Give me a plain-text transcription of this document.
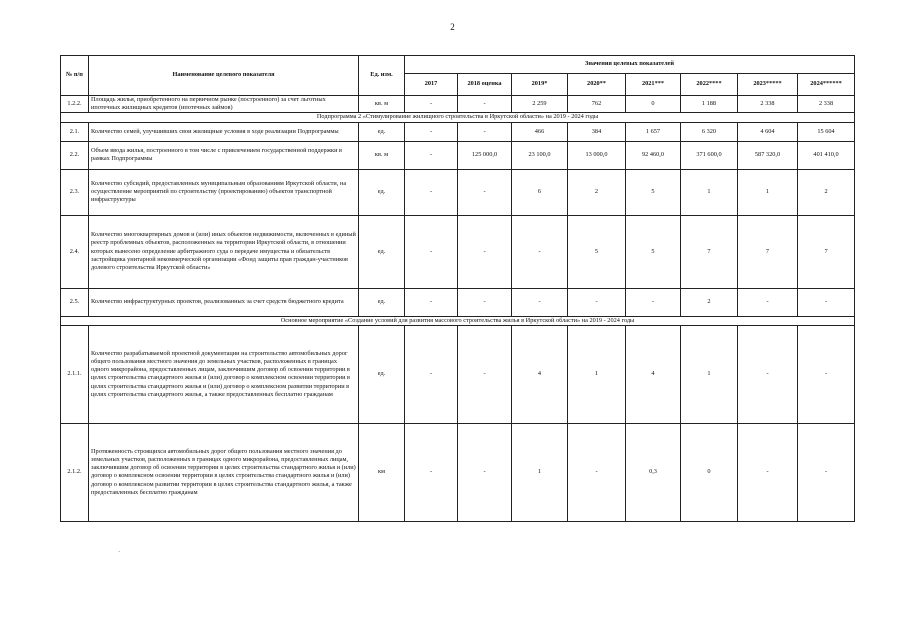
2
№ п/п	Наименование целевого показателя	Ед. изм.	Значения целевых показателей							
			2017	2018 оценка	2019*	2020**	2021***	2022****	2023*****	2024******
1.2.2.	Площадь жилья, приобретенного на первичном рынке (построенного) за счет льготных ипотечных жилищных кредитов (ипотечных займов)	кв. м	-	-	2 259	762	0	1 188	2 338	2 338
Подпрограмма 2 «Стимулирование жилищного строительства в Иркутской области» на 2019 - 2024 годы										
2.1.	Количество семей, улучшивших свои жилищные условия в ходе реализации Подпрограммы	ед.	-	-	466	384	1 657	6 320	4 604	15 604
2.2.	Объем ввода жилья, построенного в том числе с привлечением государственной поддержки в рамках Подпрограммы	кв. м	-	125 000,0	23 100,0	13 000,0	92 460,0	371 600,0	587 320,0	401 410,0
2.3.	Количество субсидий, предоставленных муниципальным образованиям Иркутской области, на осуществление мероприятий по строительству (проектированию) объектов транспортной инфраструктуры	ед.	-	-	6	2	5	1	1	2
2.4.	Количество многоквартирных домов и (или) иных объектов недвижимости, включенных в единый реестр проблемных объектов, расположенных на территории Иркутской области, в отношении которых вынесено определение арбитражного суда о передаче имущества и обязательств застройщика унитарной некоммерческой организации «Фонд защиты прав граждан-участников долевого строительства Иркутской области»	ед.	-	-	-	5	5	7	7	7
2.5.	Количество инфраструктурных проектов, реализованных за счет средств бюджетного кредита	ед.	-	-	-	-	-	2	-	-
Основное мероприятие «Создание условий для развития массового строительства жилья в Иркутской области» на 2019 - 2024 годы										
2.1.1.	Количество разрабатываемой проектной документации на строительство автомобильных дорог общего пользования местного значения до земельных участков, расположенных в границах одного микрорайона, предоставленных лицам, заключившим договор об освоении территории в целях строительства стандартного жилья и (или) договор о комплексном освоении территории в целях строительства стандартного жилья и (или) договор о комплексном развитии территории в целях строительства стандартного жилья, а также предоставленных бесплатно гражданам	ед.	-	-	4	1	4	1	-	-
2.1.2.	Протяженность строящихся автомобильных дорог общего пользования местного значения до земельных участков, расположенных в границах одного микрорайона, предоставленных лицам, заключившим договор об освоении территории в целях строительства стандартного жилья и (или) договор о комплексном освоении территории в целях строительства стандартного жилья и (или) договор о комплексном развитии территории в целях строительства стандартного жилья, а также предоставленных бесплатно гражданам	км	-	-	1	-	0,3	0	-	-
·
